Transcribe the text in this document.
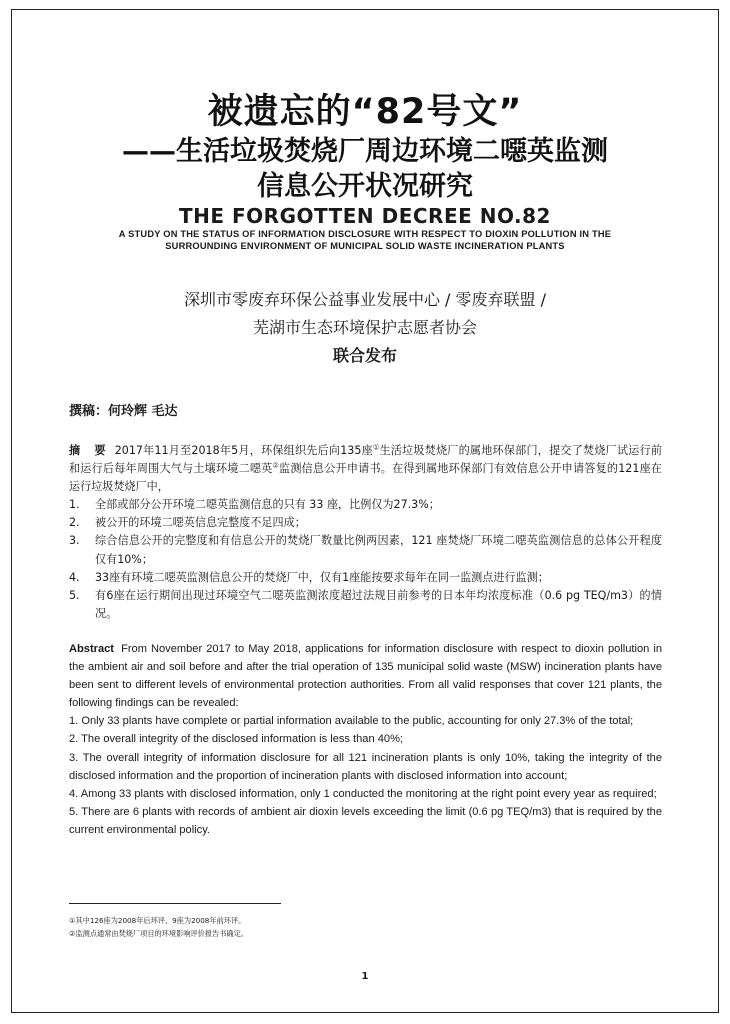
被遗忘的“82号文”
——生活垃圾焚烧厂周边环境二噁英监测
信息公开状况研究
THE FORGOTTEN DECREE NO.82
A STUDY ON THE STATUS OF INFORMATION DISCLOSURE WITH RESPECT TO DIOXIN POLLUTION IN THE
SURROUNDING ENVIRONMENT OF MUNICIPAL SOLID WASTE INCINERATION PLANTS
深圳市零废弃环保公益事业发展中心 / 零废弃联盟 /
芜湖市生态环境保护志愿者协会
联合发布
撰稿：何玲辉 毛达

摘 要 2017年11月至2018年5月，环保组织先后向135座①生活垃圾焚烧厂的属地环保部门，提交了焚烧厂试运行前和运行后每年周围大气与土壤环境二噁英②监测信息公开申请书。在得到属地环保部门有效信息公开申请答复的121座在运行垃圾焚烧厂中，

1.	全部或部分公开环境二噁英监测信息的只有 33 座，比例仅为27.3%；
2.	被公开的环境二噁英信息完整度不足四成；
3.	综合信息公开的完整度和有信息公开的焚烧厂数量比例两因素，121 座焚烧厂环境二噁英监测信息的总体公开程度仅有10%；
4.	33座有环境二噁英监测信息公开的焚烧厂中，仅有1座能按要求每年在同一监测点进行监测；
5.	有6座在运行期间出现过环境空气二噁英监测浓度超过法规目前参考的日本年均浓度标准（0.6 pg TEQ/m3）的情况。

Abstract From November 2017 to May 2018, applications for information disclosure with respect to dioxin pollution in the ambient air and soil before and after the trial operation of 135 municipal solid waste (MSW) incineration plants have been sent to different levels of environmental protection authorities. From all valid responses that cover 121 plants, the following findings can be revealed:

1. Only 33 plants have complete or partial information available to the public, accounting for only 27.3% of the total;

2. The overall integrity of the disclosed information is less than 40%;

3. The overall integrity of information disclosure for all 121 incineration plants is only 10%, taking the integrity of the disclosed information and the proportion of incineration plants with disclosed information into account;

4. Among 33 plants with disclosed information, only 1 conducted the monitoring at the right point every year as required;

5. There are 6 plants with records of ambient air dioxin levels exceeding the limit (0.6 pg TEQ/m3) that is required by the current environmental policy.

①其中126座为2008年后环评，9座为2008年前环评。
②监测点通常由焚烧厂项目的环境影响评价报告书确定。
1
